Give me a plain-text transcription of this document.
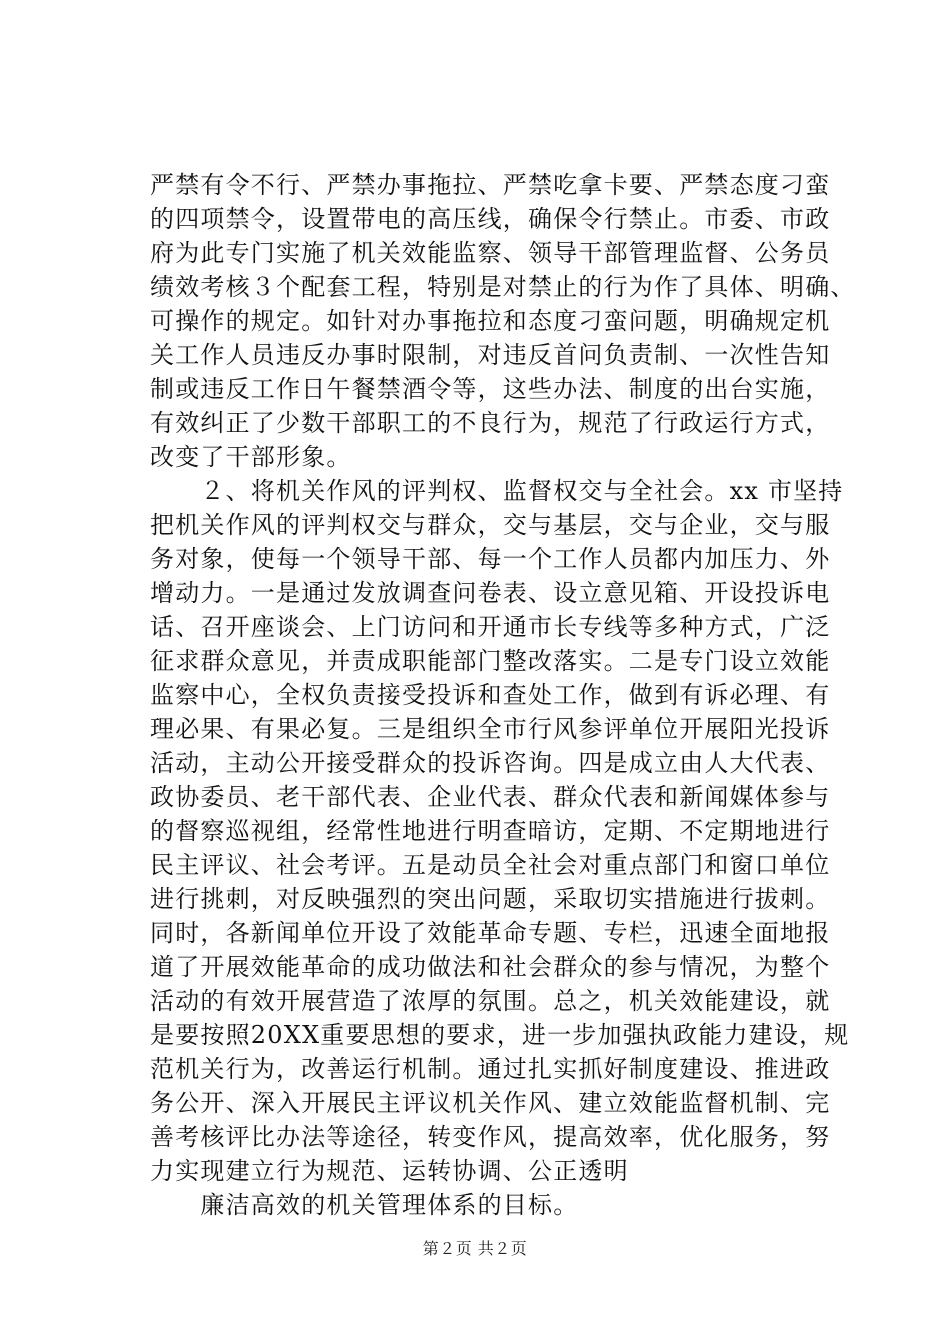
严禁有令不行、严禁办事拖拉、严禁吃拿卡要、严禁态度刁蛮
的四项禁令，设置带电的高压线，确保令行禁止。市委、市政
府为此专门实施了机关效能监察、领导干部管理监督、公务员
绩效考核３个配套工程，特别是对禁止的行为作了具体、明确、
可操作的规定。如针对办事拖拉和态度刁蛮问题，明确规定机
关工作人员违反办事时限制，对违反首问负责制、一次性告知
制或违反工作日午餐禁酒令等，这些办法、制度的出台实施，
有效纠正了少数干部职工的不良行为，规范了行政运行方式，
改变了干部形象。
　　２、将机关作风的评判权、监督权交与全社会。xx 市坚持
把机关作风的评判权交与群众，交与基层，交与企业，交与服
务对象，使每一个领导干部、每一个工作人员都内加压力、外
增动力。一是通过发放调查问卷表、设立意见箱、开设投诉电
话、召开座谈会、上门访问和开通市长专线等多种方式，广泛
征求群众意见，并责成职能部门整改落实。二是专门设立效能
监察中心，全权负责接受投诉和查处工作，做到有诉必理、有
理必果、有果必复。三是组织全市行风参评单位开展阳光投诉
活动，主动公开接受群众的投诉咨询。四是成立由人大代表、
政协委员、老干部代表、企业代表、群众代表和新闻媒体参与
的督察巡视组，经常性地进行明查暗访，定期、不定期地进行
民主评议、社会考评。五是动员全社会对重点部门和窗口单位
进行挑刺，对反映强烈的突出问题，采取切实措施进行拔刺。
同时，各新闻单位开设了效能革命专题、专栏，迅速全面地报
道了开展效能革命的成功做法和社会群众的参与情况，为整个
活动的有效开展营造了浓厚的氛围。总之，机关效能建设，就
是要按照20XX重要思想的要求，进一步加强执政能力建设，规
范机关行为，改善运行机制。通过扎实抓好制度建设、推进政
务公开、深入开展民主评议机关作风、建立效能监督机制、完
善考核评比办法等途径，转变作风，提高效率，优化服务，努
力实现建立行为规范、运转协调、公正透明
　　廉洁高效的机关管理体系的目标。
第２页 共２页
